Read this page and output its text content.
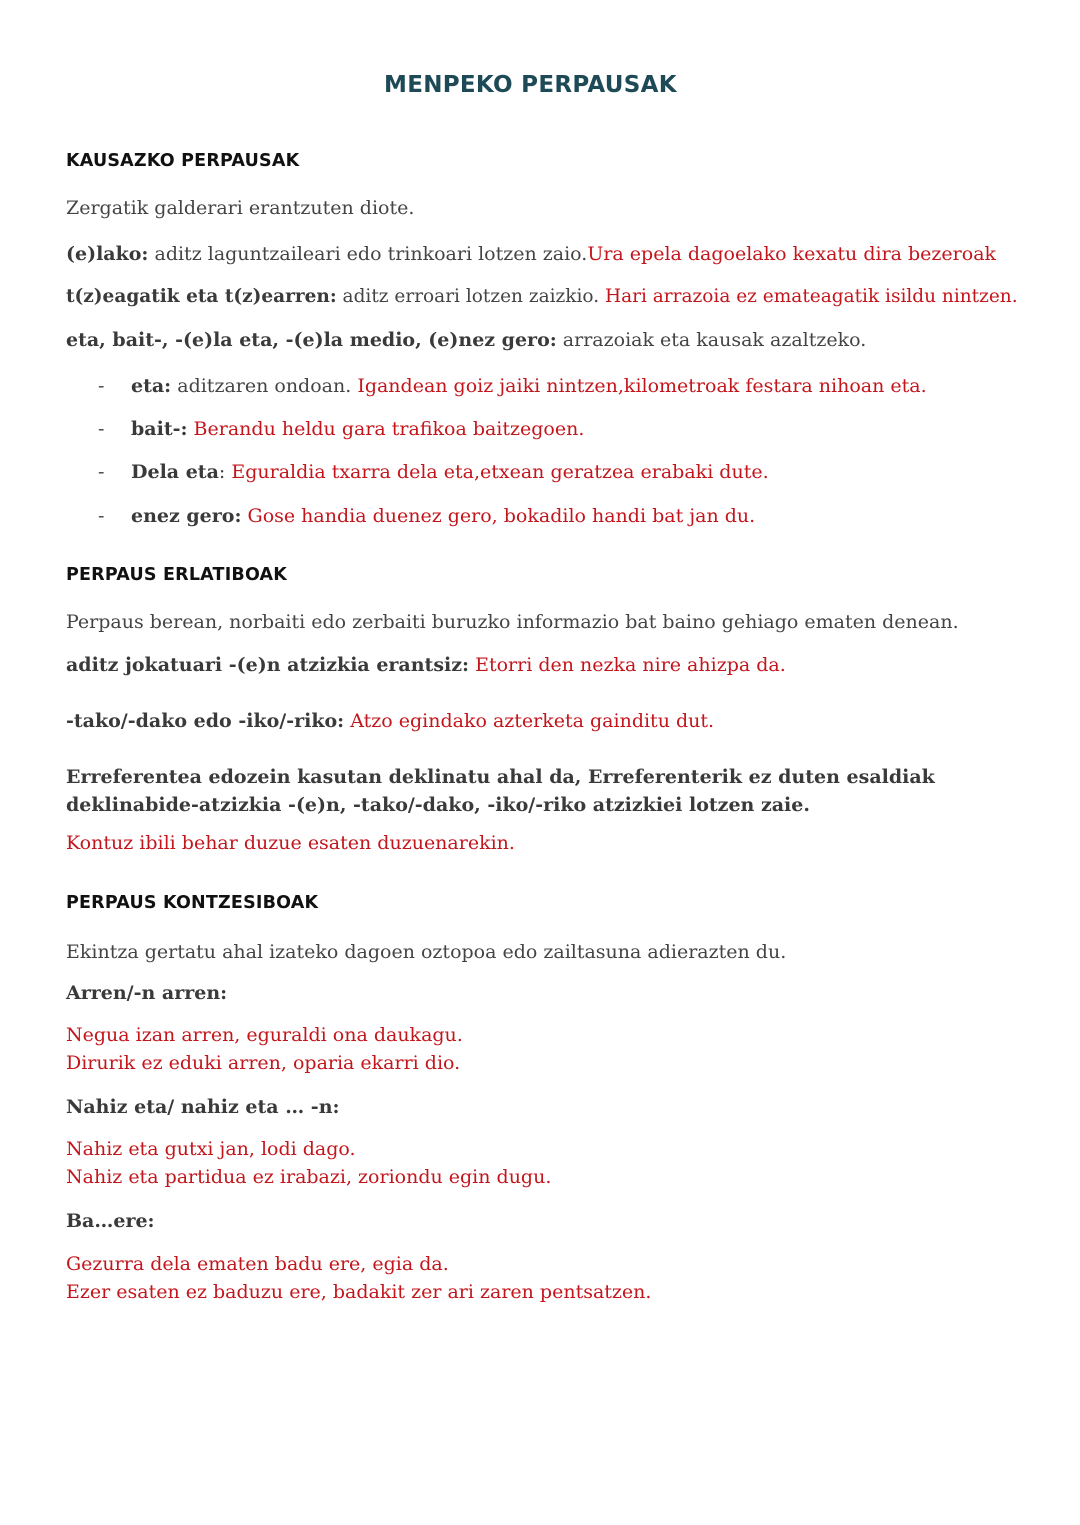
MENPEKO PERPAUSAK
KAUSAZKO PERPAUSAK
Zergatik galderari erantzuten diote.
(e)lako: aditz laguntzaileari edo trinkoari lotzen zaio.Ura epela dagoelako kexatu dira bezeroak
t(z)eagatik eta t(z)earren: aditz erroari lotzen zaizkio. Hari arrazoia ez emateagatik isildu nintzen.
eta, bait-, -(e)la eta, -(e)la medio, (e)nez gero: arrazoiak eta kausak azaltzeko.
- eta: aditzaren ondoan. Igandean goiz jaiki nintzen,kilometroak festara nihoan eta.
- bait-: Berandu heldu gara trafikoa baitzegoen.
- Dela eta: Eguraldia txarra dela eta,etxean geratzea erabaki dute.
- enez gero: Gose handia duenez gero, bokadilo handi bat jan du.
PERPAUS ERLATIBOAK
Perpaus berean, norbaiti edo zerbaiti buruzko informazio bat baino gehiago ematen denean.
aditz jokatuari -(e)n atzizkia erantsiz: Etorri den nezka nire ahizpa da.
-tako/-dako edo -iko/-riko: Atzo egindako azterketa gainditu dut.
Erreferentea edozein kasutan deklinatu ahal da, Erreferenterik ez duten esaldiak
deklinabide-atzizkia -(e)n, -tako/-dako, -iko/-riko atzizkiei lotzen zaie.
Kontuz ibili behar duzue esaten duzuenarekin.
PERPAUS KONTZESIBOAK
Ekintza gertatu ahal izateko dagoen oztopoa edo zailtasuna adierazten du.
Arren/-n arren:
Negua izan arren, eguraldi ona daukagu.
Dirurik ez eduki arren, oparia ekarri dio.
Nahiz eta/ nahiz eta … -n:
Nahiz eta gutxi jan, lodi dago.
Nahiz eta partidua ez irabazi, zoriondu egin dugu.
Ba…ere:
Gezurra dela ematen badu ere, egia da.
Ezer esaten ez baduzu ere, badakit zer ari zaren pentsatzen.
